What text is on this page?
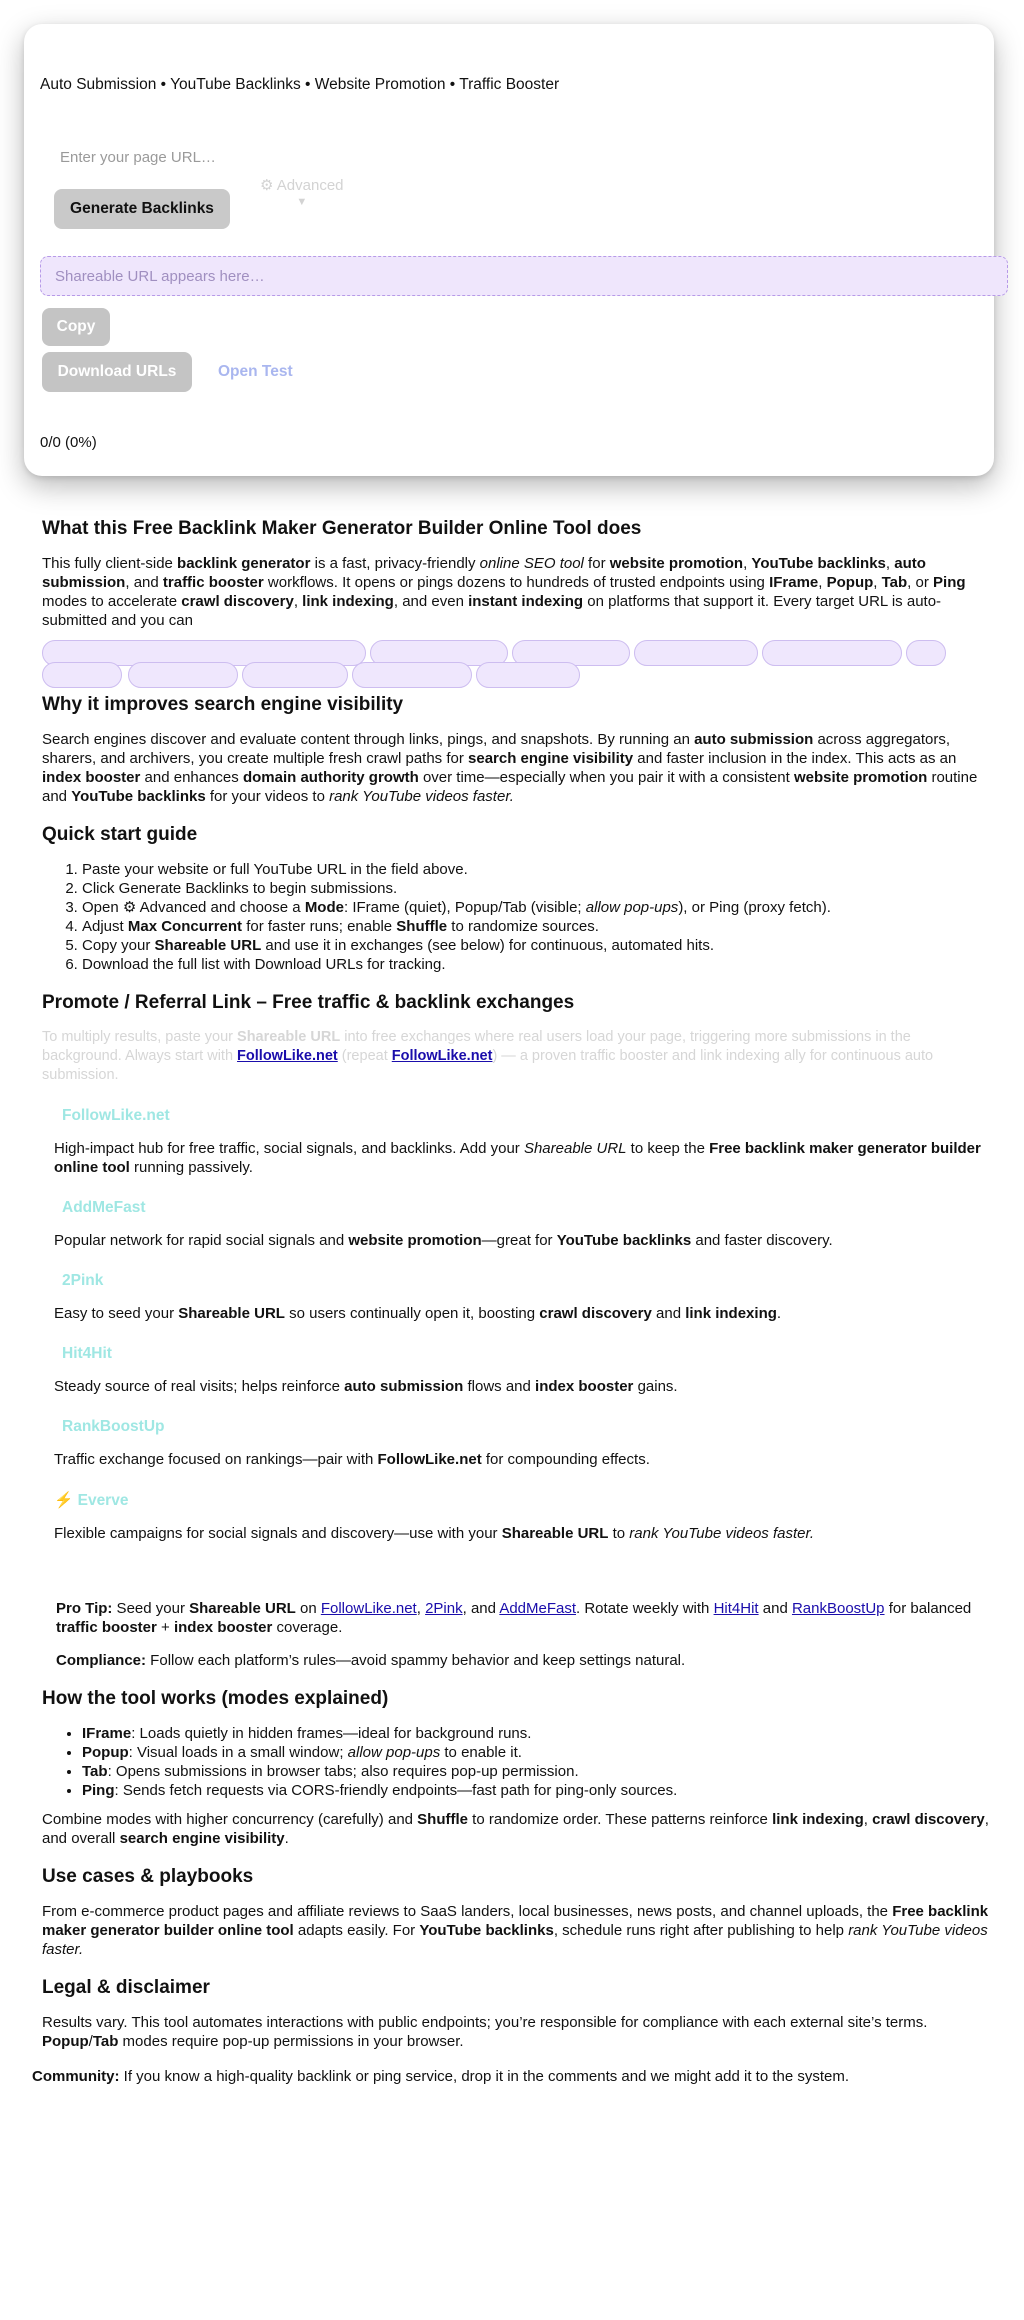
Auto Submission • YouTube Backlinks • Website Promotion • Traffic Booster
Enter your page URL…
Generate Backlinks
⚙ Advanced
▼
Shareable URL appears here…
Copy
Download URLs	Open Test
0/0 (0%)
What this Free Backlink Maker Generator Builder Online Tool does

This fully client-side backlink generator is a fast, privacy-friendly online SEO tool for website promotion, YouTube backlinks, auto submission, and traffic booster workflows. It opens or pings dozens to hundreds of trusted endpoints using IFrame, Popup, Tab, or Ping modes to accelerate crawl discovery, link indexing, and even instant indexing on platforms that support it. Every target URL is auto-submitted and you can

Why it improves search engine visibility

Search engines discover and evaluate content through links, pings, and snapshots. By running an auto submission across aggregators, sharers, and archivers, you create multiple fresh crawl paths for search engine visibility and faster inclusion in the index. This acts as an index booster and enhances domain authority growth over time—especially when you pair it with a consistent website promotion routine and YouTube backlinks for your videos to rank YouTube videos faster.

Quick start guide
1. Paste your website or full YouTube URL in the field above.
2. Click Generate Backlinks to begin submissions.
3. Open ⚙ Advanced and choose a Mode: IFrame (quiet), Popup/Tab (visible; allow pop-ups), or Ping (proxy fetch).
4. Adjust Max Concurrent for faster runs; enable Shuffle to randomize sources.
5. Copy your Shareable URL and use it in exchanges (see below) for continuous, automated hits.
6. Download the full list with Download URLs for tracking.
Promote / Referral Link – Free traffic & backlink exchanges

To multiply results, paste your Shareable URL into free exchanges where real users load your page, triggering more submissions in the background. Always start with FollowLike.net (repeat FollowLike.net) — a proven traffic booster and link indexing ally for continuous auto submission.

FollowLike.net

High-impact hub for free traffic, social signals, and backlinks. Add your Shareable URL to keep the Free backlink maker generator builder online tool running passively.

AddMeFast

Popular network for rapid social signals and website promotion—great for YouTube backlinks and faster discovery.

2Pink

Easy to seed your Shareable URL so users continually open it, boosting crawl discovery and link indexing.

Hit4Hit

Steady source of real visits; helps reinforce auto submission flows and index booster gains.

RankBoostUp

Traffic exchange focused on rankings—pair with FollowLike.net for compounding effects.

⚡ Everve

Flexible campaigns for social signals and discovery—use with your Shareable URL to rank YouTube videos faster.

Pro Tip: Seed your Shareable URL on FollowLike.net, 2Pink, and AddMeFast. Rotate weekly with Hit4Hit and RankBoostUp for balanced traffic booster + index booster coverage.

Compliance: Follow each platform’s rules—avoid spammy behavior and keep settings natural.

How the tool works (modes explained)
• IFrame: Loads quietly in hidden frames—ideal for background runs.
• Popup: Visual loads in a small window; allow pop-ups to enable it.
• Tab: Opens submissions in browser tabs; also requires pop-up permission.
• Ping: Sends fetch requests via CORS-friendly endpoints—fast path for ping-only sources.

Combine modes with higher concurrency (carefully) and Shuffle to randomize order. These patterns reinforce link indexing, crawl discovery, and overall search engine visibility.

Use cases & playbooks

From e-commerce product pages and affiliate reviews to SaaS landers, local businesses, news posts, and channel uploads, the Free backlink maker generator builder online tool adapts easily. For YouTube backlinks, schedule runs right after publishing to help rank YouTube videos faster.

Legal & disclaimer

Results vary. This tool automates interactions with public endpoints; you’re responsible for compliance with each external site’s terms. Popup/Tab modes require pop-up permissions in your browser.

Community: If you know a high-quality backlink or ping service, drop it in the comments and we might add it to the system.
